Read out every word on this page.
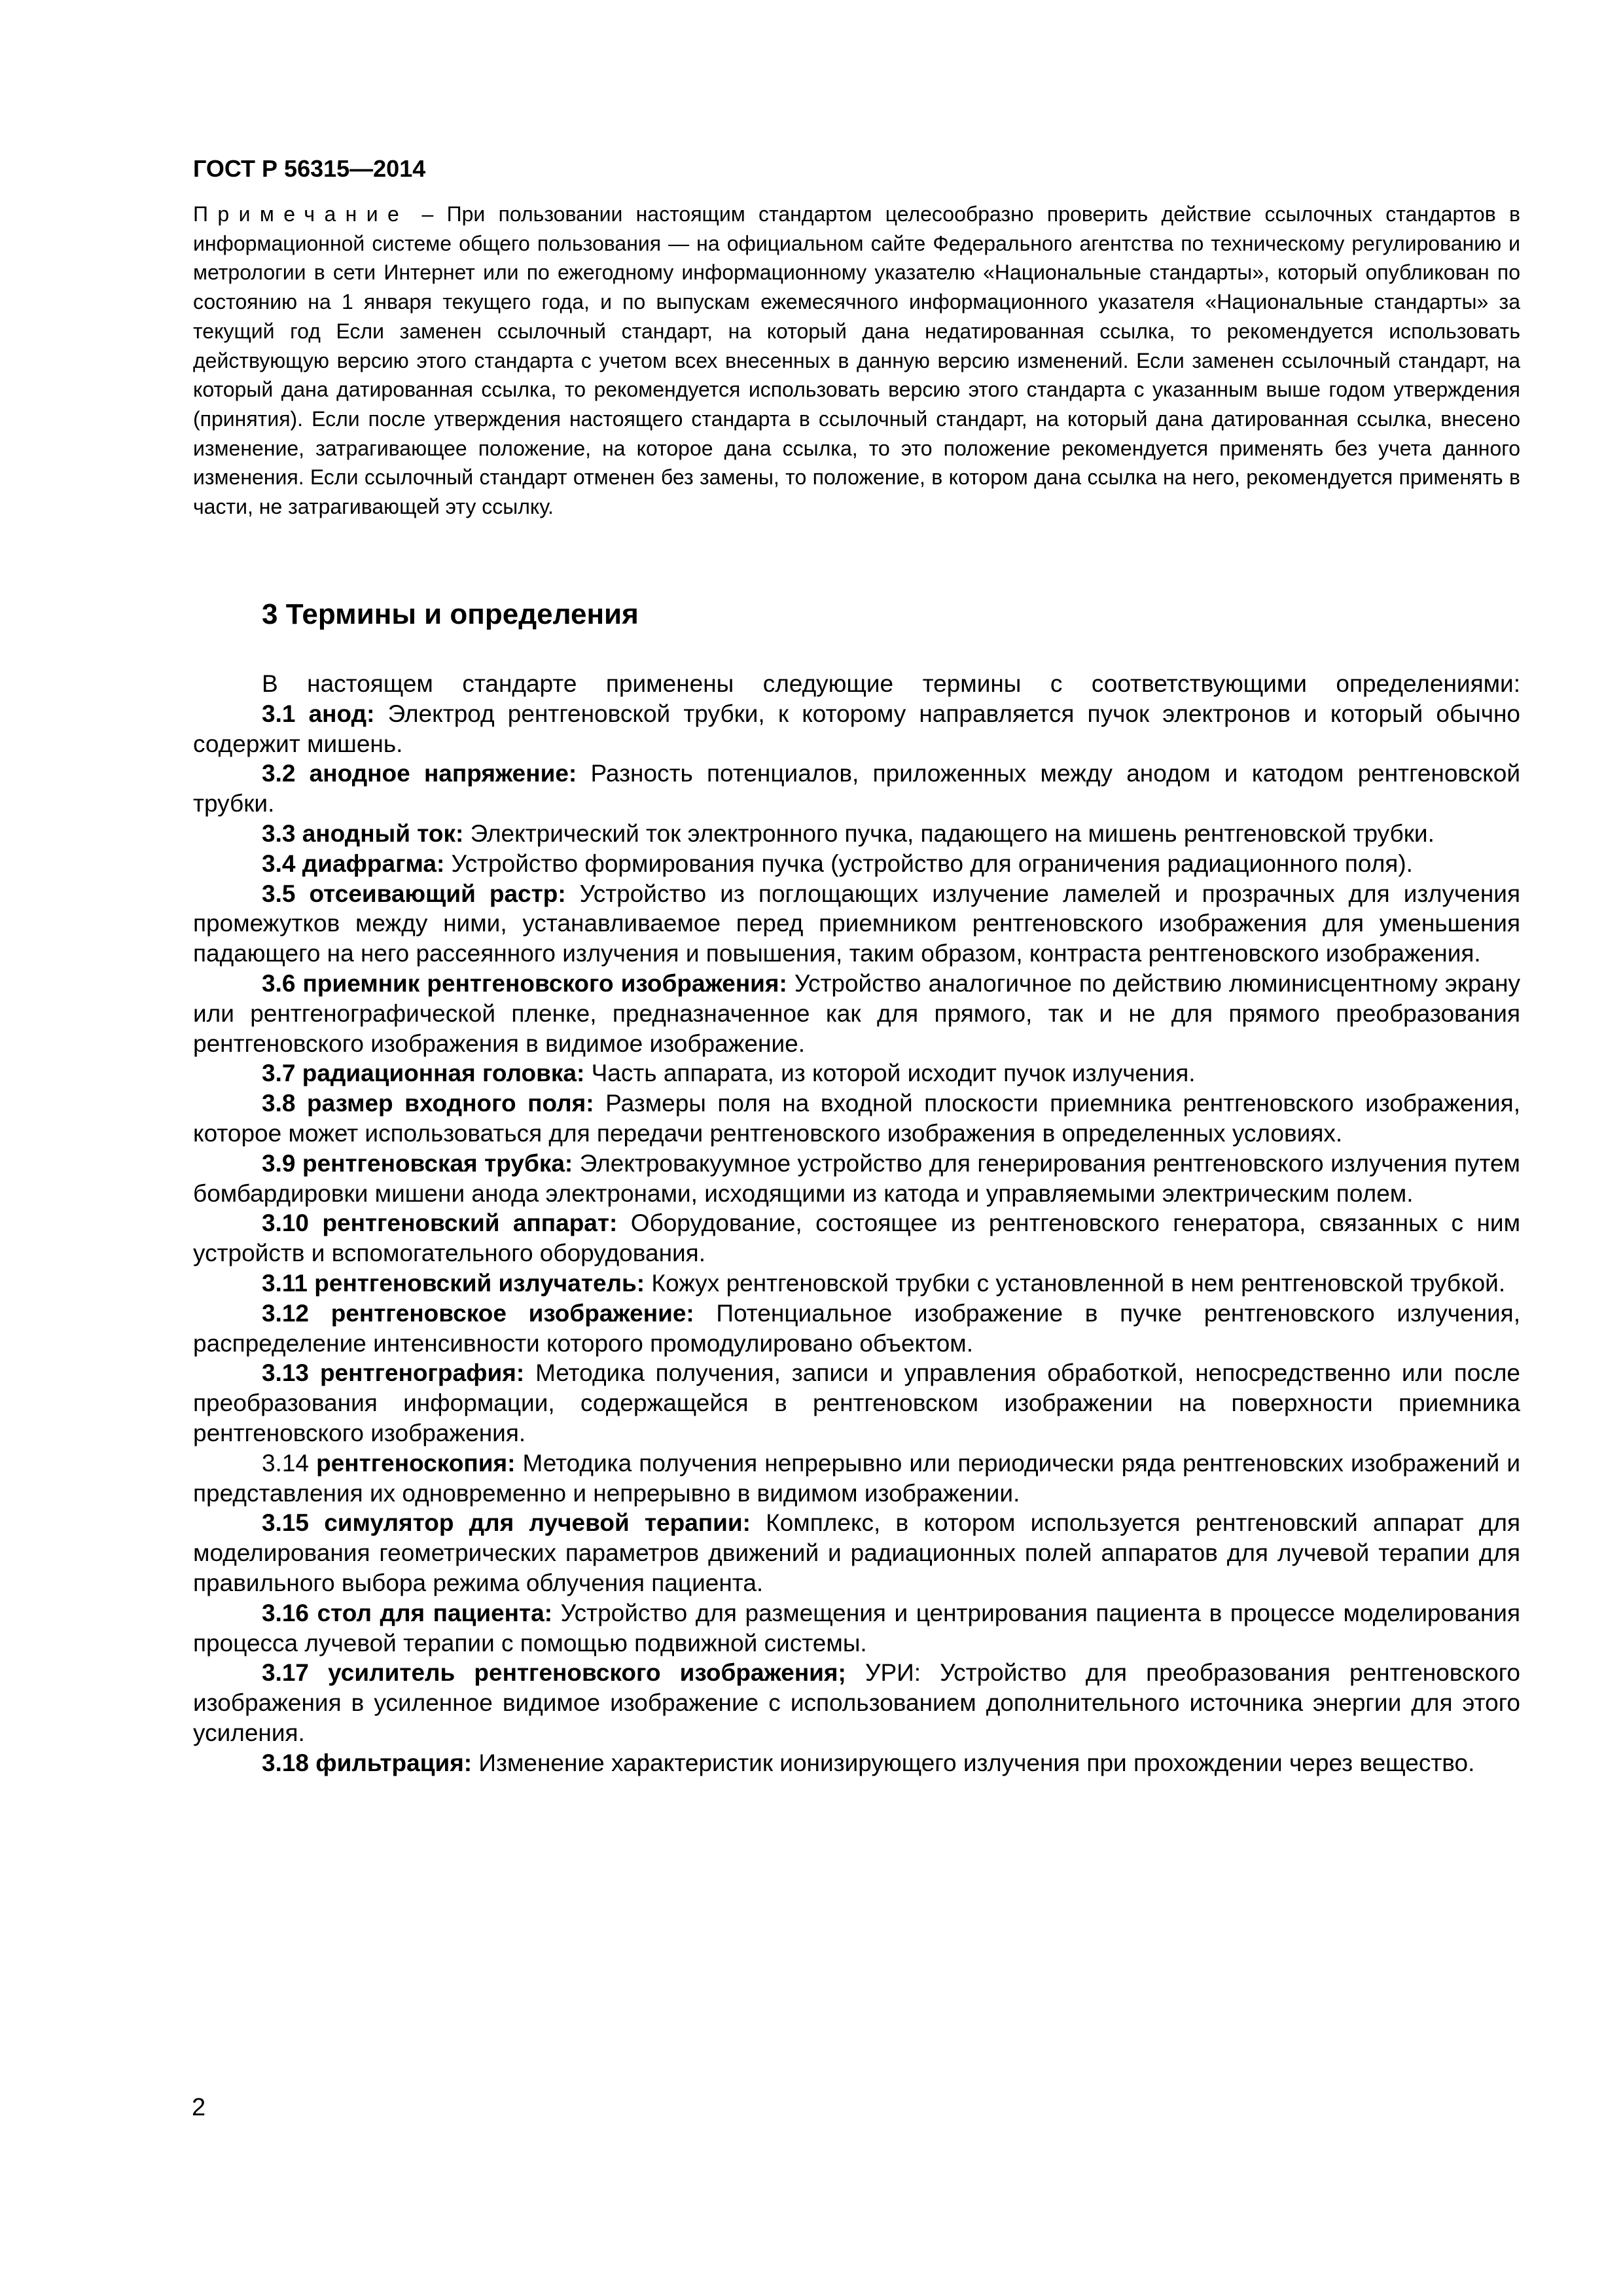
ГОСТ Р 56315—2014
Примечание – При пользовании настоящим стандартом целесообразно проверить действие ссылочных стандартов в информационной системе общего пользования — на официальном сайте Федерального агентства по техническому регулированию и метрологии в сети Интернет или по ежегодному информационному указателю «Национальные стандарты», который опубликован по состоянию на 1 января текущего года, и по выпускам ежемесячного информационного указателя «Национальные стандарты» за текущий год Если заменен ссылочный стандарт, на который дана недатированная ссылка, то рекомендуется использовать действующую версию этого стандарта с учетом всех внесенных в данную версию изменений. Если заменен ссылочный стандарт, на который дана датированная ссылка, то рекомендуется использовать версию этого стандарта с указанным выше годом утверждения (принятия). Если после утверждения настоящего стандарта в ссылочный стандарт, на который дана датированная ссылка, внесено изменение, затрагивающее положение, на которое дана ссылка, то это положение рекомендуется применять без учета данного изменения. Если ссылочный стандарт отменен без замены, то положение, в котором дана ссылка на него, рекомендуется применять в части, не затрагивающей эту ссылку.
3 Термины и определения

В настоящем стандарте применены следующие термины с соответствующими определениями:

3.1 анод: Электрод рентгеновской трубки, к которому направляется пучок электронов и который обычно содержит мишень.

3.2 анодное напряжение: Разность потенциалов, приложенных между анодом и катодом рентгеновской трубки.

3.3 анодный ток: Электрический ток электронного пучка, падающего на мишень рентгеновской трубки.

3.4 диафрагма: Устройство формирования пучка (устройство для ограничения радиационного поля).

3.5 отсеивающий растр: Устройство из поглощающих излучение ламелей и прозрачных для излучения промежутков между ними, устанавливаемое перед приемником рентгеновского изображения для уменьшения падающего на него рассеянного излучения и повышения, таким образом, контраста рентгеновского изображения.

3.6 приемник рентгеновского изображения: Устройство аналогичное по действию люминисцентному экрану или рентгенографической пленке, предназначенное как для прямого, так и не для прямого преобразования рентгеновского изображения в видимое изображение.

3.7 радиационная головка: Часть аппарата, из которой исходит пучок излучения.

3.8 размер входного поля: Размеры поля на входной плоскости приемника рентгеновского изображения, которое может использоваться для передачи рентгеновского изображения в определенных условиях.

3.9 рентгеновская трубка: Электровакуумное устройство для генерирования рентгеновского излучения путем бомбардировки мишени анода электронами, исходящими из катода и управляемыми электрическим полем.

3.10 рентгеновский аппарат: Оборудование, состоящее из рентгеновского генератора, связанных с ним устройств и вспомогательного оборудования.

3.11 рентгеновский излучатель: Кожух рентгеновской трубки с установленной в нем рентгеновской трубкой.

3.12 рентгеновское изображение: Потенциальное изображение в пучке рентгеновского излучения, распределение интенсивности которого промодулировано объектом.

3.13 рентгенография: Методика получения, записи и управления обработкой, непосредственно или после преобразования информации, содержащейся в рентгеновском изображении на поверхности приемника рентгеновского изображения.

3.14 рентгеноскопия: Методика получения непрерывно или периодически ряда рентгеновских изображений и представления их одновременно и непрерывно в видимом изображении.

3.15 симулятор для лучевой терапии: Комплекс, в котором используется рентгеновский аппарат для моделирования геометрических параметров движений и радиационных полей аппаратов для лучевой терапии для правильного выбора режима облучения пациента.

3.16 стол для пациента: Устройство для размещения и центрирования пациента в процессе моделирования процесса лучевой терапии с помощью подвижной системы.

3.17 усилитель рентгеновского изображения; УРИ: Устройство для преобразования рентгеновского изображения в усиленное видимое изображение с использованием дополнительного источника энергии для этого усиления.

3.18 фильтрация: Изменение характеристик ионизирующего излучения при прохождении через вещество.

2
